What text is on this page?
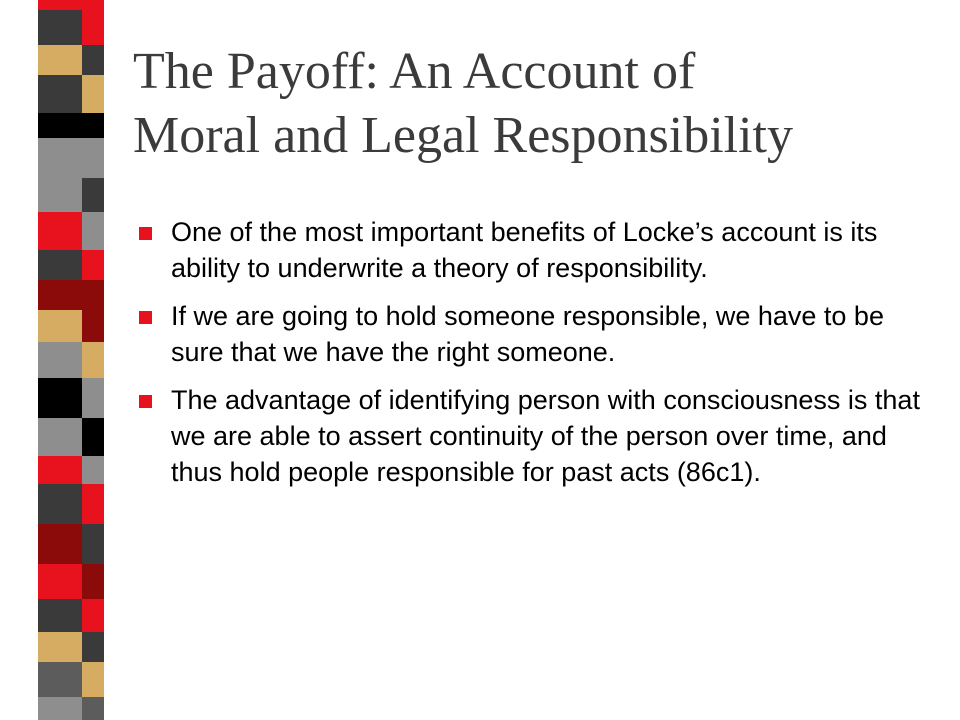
The Payoff: An Account of
Moral and Legal Responsibility
One of the most important benefits of Locke’s account is its ability to underwrite a theory of responsibility.
If we are going to hold someone responsible, we have to be sure that we have the right someone.
The advantage of identifying person with consciousness is that we are able to assert continuity of the person over time, and thus hold people responsible for past acts (86c1).
